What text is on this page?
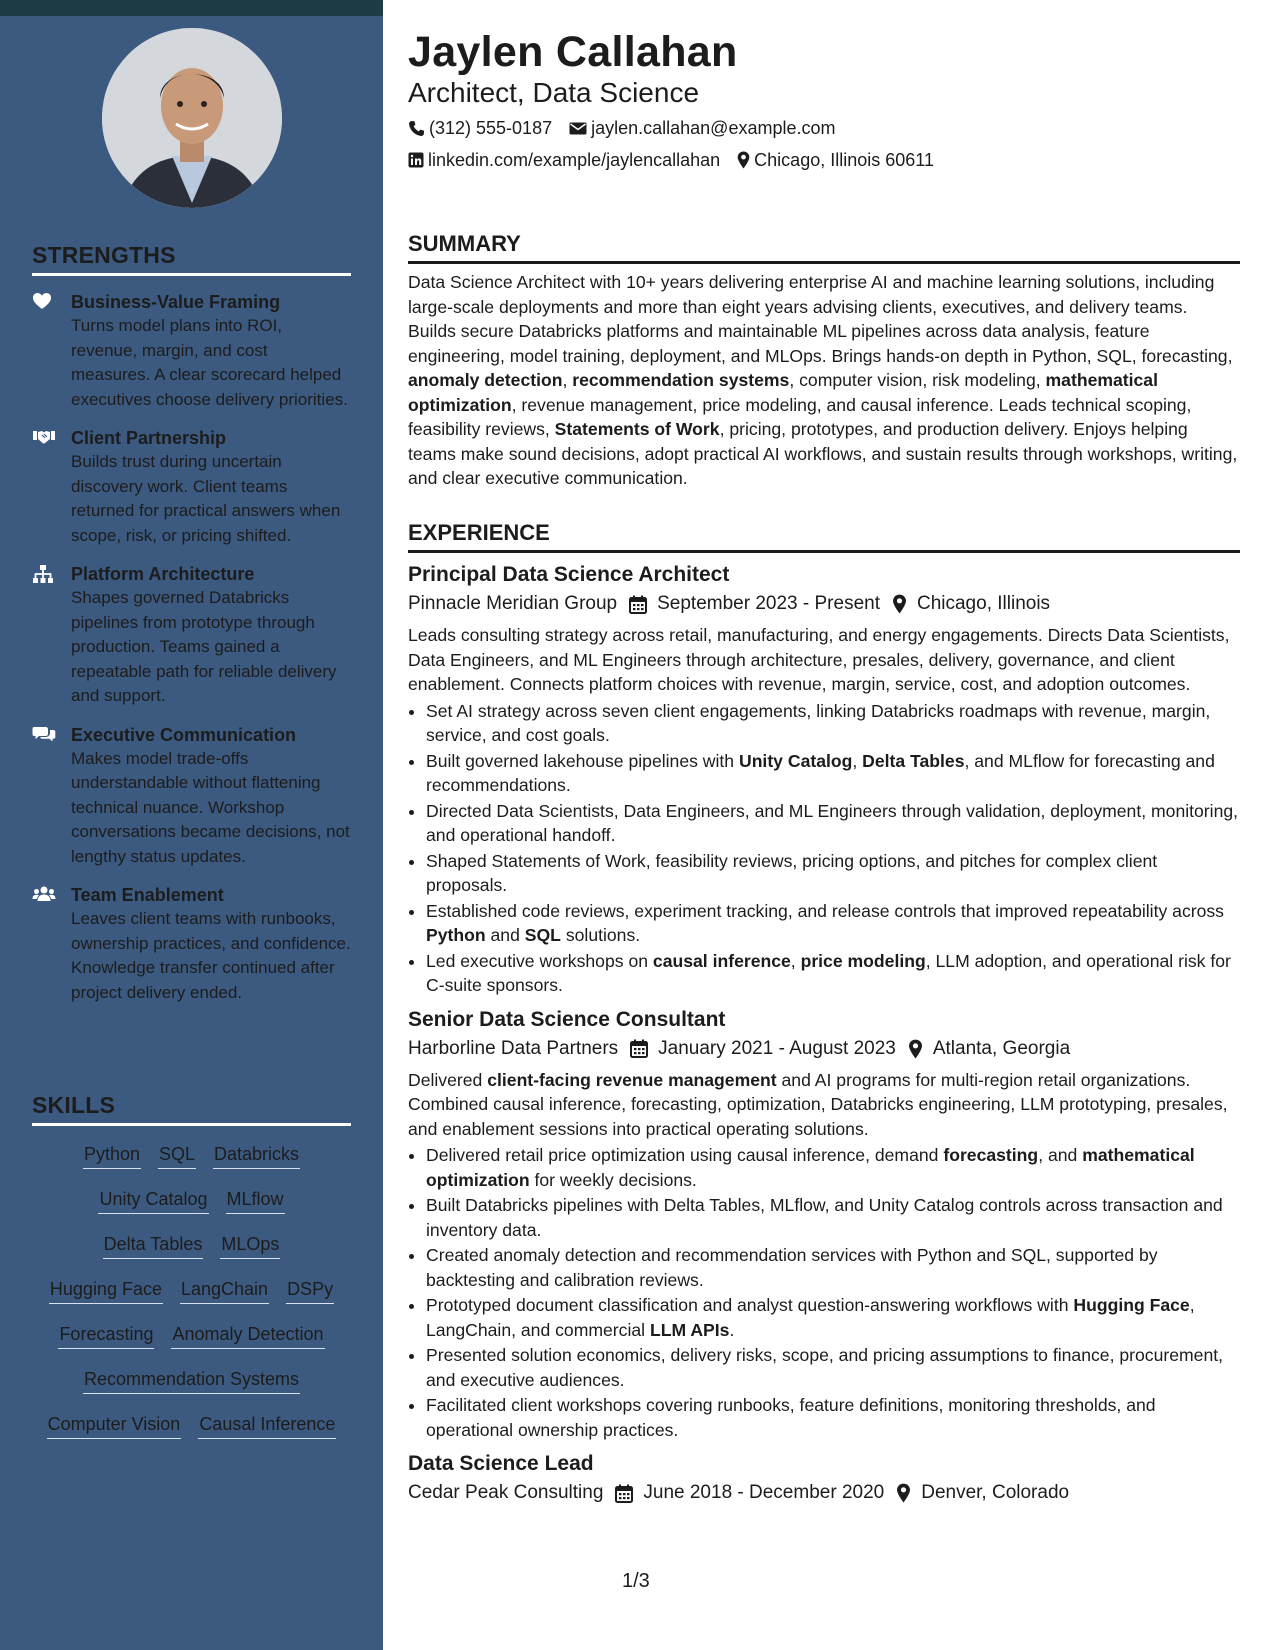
STRENGTHS
Business-Value Framing
Turns model plans into ROI, revenue, margin, and cost measures. A clear scorecard helped executives choose delivery priorities.
Client Partnership
Builds trust during uncertain discovery work. Client teams returned for practical answers when scope, risk, or pricing shifted.
Platform Architecture
Shapes governed Databricks pipelines from prototype through production. Teams gained a repeatable path for reliable delivery and support.
Executive Communication
Makes model trade-offs understandable without flattening technical nuance. Workshop conversations became decisions, not lengthy status updates.
Team Enablement
Leaves client teams with runbooks, ownership practices, and confidence. Knowledge transfer continued after project delivery ended.
SKILLS
Python SQL Databricks
Unity Catalog MLflow
Delta Tables MLOps
Hugging Face LangChain DSPy
Forecasting Anomaly Detection
Recommendation Systems
Computer Vision Causal Inference
Jaylen Callahan

Architect, Data Science

(312) 555-0187 jaylen.callahan@example.com
linkedin.com/example/jaylencallahan Chicago, Illinois 60611
SUMMARY

Data Science Architect with 10+ years delivering enterprise AI and machine learning solutions, including large-scale deployments and more than eight years advising clients, executives, and delivery teams. Builds secure Databricks platforms and maintainable ML pipelines across data analysis, feature engineering, model training, deployment, and MLOps. Brings hands-on depth in Python, SQL, forecasting, anomaly detection, recommendation systems, computer vision, risk modeling, mathematical optimization, revenue management, price modeling, and causal inference. Leads technical scoping, feasibility reviews, Statements of Work, pricing, prototypes, and production delivery. Enjoys helping teams make sound decisions, adopt practical AI workflows, and sustain results through workshops, writing, and clear executive communication.

EXPERIENCE
Principal Data Science Architect
Pinnacle Meridian Group September 2023 - Present Chicago, Illinois

Leads consulting strategy across retail, manufacturing, and energy engagements. Directs Data Scientists, Data Engineers, and ML Engineers through architecture, presales, delivery, governance, and client enablement. Connects platform choices with revenue, margin, service, cost, and adoption outcomes.

• Set AI strategy across seven client engagements, linking Databricks roadmaps with revenue, margin, service, and cost goals.
• Built governed lakehouse pipelines with Unity Catalog, Delta Tables, and MLflow for forecasting and recommendations.
• Directed Data Scientists, Data Engineers, and ML Engineers through validation, deployment, monitoring, and operational handoff.
• Shaped Statements of Work, feasibility reviews, pricing options, and pitches for complex client proposals.
• Established code reviews, experiment tracking, and release controls that improved repeatability across Python and SQL solutions.
• Led executive workshops on causal inference, price modeling, LLM adoption, and operational risk for C-suite sponsors.
Senior Data Science Consultant
Harborline Data Partners January 2021 - August 2023 Atlanta, Georgia

Delivered client-facing revenue management and AI programs for multi-region retail organizations. Combined causal inference, forecasting, optimization, Databricks engineering, LLM prototyping, presales, and enablement sessions into practical operating solutions.

• Delivered retail price optimization using causal inference, demand forecasting, and mathematical optimization for weekly decisions.
• Built Databricks pipelines with Delta Tables, MLflow, and Unity Catalog controls across transaction and inventory data.
• Created anomaly detection and recommendation services with Python and SQL, supported by backtesting and calibration reviews.
• Prototyped document classification and analyst question-answering workflows with Hugging Face, LangChain, and commercial LLM APIs.
• Presented solution economics, delivery risks, scope, and pricing assumptions to finance, procurement, and executive audiences.
• Facilitated client workshops covering runbooks, feature definitions, monitoring thresholds, and operational ownership practices.
Data Science Lead
Cedar Peak Consulting June 2018 - December 2020 Denver, Colorado
1/3
